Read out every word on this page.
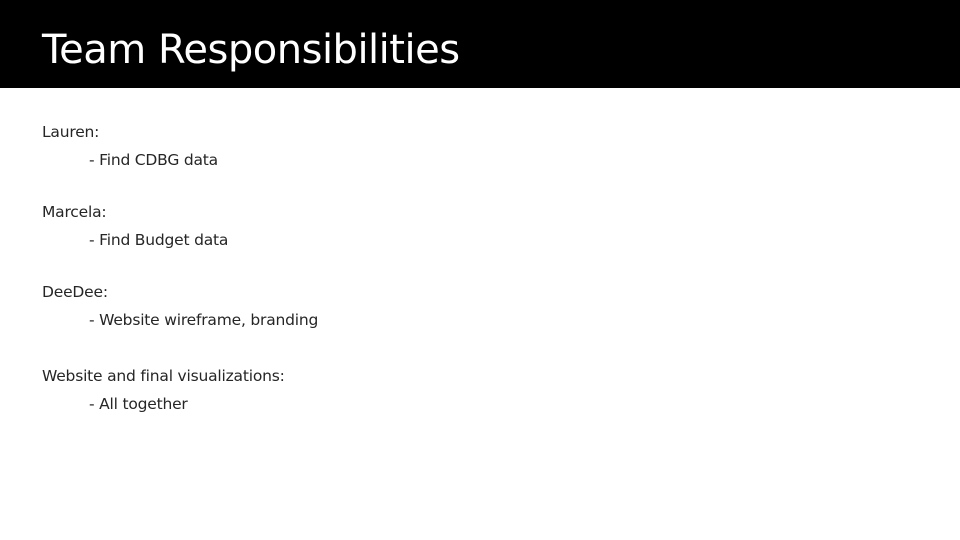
Team Responsibilities
Lauren:
- Find CDBG data
Marcela:
- Find Budget data
DeeDee:
- Website wireframe, branding
Website and final visualizations:
- All together
